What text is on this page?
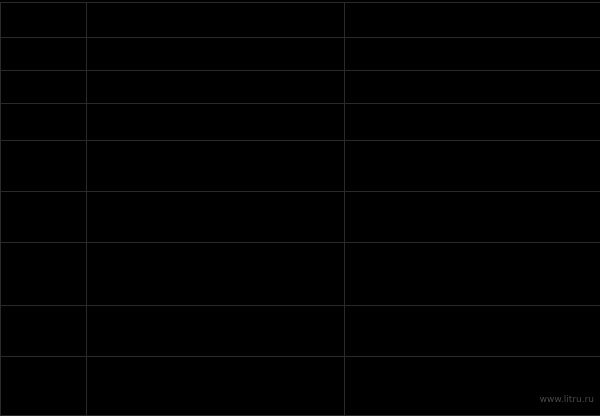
www.litru.ru
